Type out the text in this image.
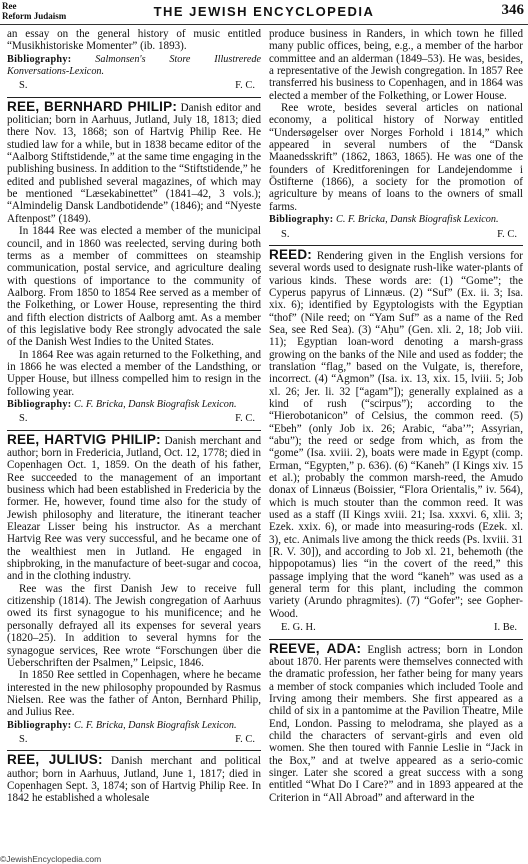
Ree
Reform Judaism	THE JEWISH ENCYCLOPEDIA	346

an essay on the general history of music entitled “Musikhistoriske Momenter” (ib. 1893).

Bibliography: Salmonsen's Store Illustrerede Konversations-Lexicon.

S.	F. C.

REE, BERNHARD PHILIP: Danish editor and politician; born in Aarhuus, Jutland, July 18, 1813; died there Nov. 13, 1868; son of Hartvig Philip Ree. He studied law for a while, but in 1838 became editor of the “Aalborg Stiftstidende,” at the same time engaging in the publishing business. In addition to the “Stiftstidende,” he edited and published several magazines, of which may be mentioned “Læsekabinettet” (1841–42, 3 vols.); “Almindelig Dansk Landbotidende” (1846); and “Nyeste Aftenpost” (1849).

In 1844 Ree was elected a member of the municipal council, and in 1860 was reelected, serving during both terms as a member of committees on steamship communication, postal service, and agriculture dealing with questions of importance to the community of Aalborg. From 1850 to 1854 Ree served as a member of the Folkething, or Lower House, representing the third and fifth election districts of Aalborg amt. As a member of this legislative body Ree strongly advocated the sale of the Danish West Indies to the United States.

In 1864 Ree was again returned to the Folkething, and in 1866 he was elected a member of the Landsthing, or Upper House, but illness compelled him to resign in the following year.

Bibliography: C. F. Bricka, Dansk Biografisk Lexicon.

S.	F. C.

REE, HARTVIG PHILIP: Danish merchant and author; born in Fredericia, Jutland, Oct. 12, 1778; died in Copenhagen Oct. 1, 1859. On the death of his father, Ree succeeded to the management of an important business which had been established in Fredericia by the former. He, however, found time also for the study of Jewish philosophy and literature, the itinerant teacher Eleazar Lisser being his instructor. As a merchant Hartvig Ree was very successful, and he became one of the wealthiest men in Jutland. He engaged in shipbroking, in the manufacture of beet-sugar and cocoa, and in the clothing industry.

Ree was the first Danish Jew to receive full citizenship (1814). The Jewish congregation of Aarhuus owed its first synagogue to his munificence; and he personally defrayed all its expenses for several years (1820–25). In addition to several hymns for the synagogue services, Ree wrote “Forschungen über die Ueberschriften der Psalmen,” Leipsic, 1846.

In 1850 Ree settled in Copenhagen, where he became interested in the new philosophy propounded by Rasmus Nielsen. Ree was the father of Anton, Bernhard Philip, and Julius Ree.

Bibliography: C. F. Bricka, Dansk Biografisk Lexicon.

S.	F. C.

REE, JULIUS: Danish merchant and political author; born in Aarhuus, Jutland, June 1, 1817; died in Copenhagen Sept. 3, 1874; son of Hartvig Philip Ree. In 1842 he established a wholesale

produce business in Randers, in which town he filled many public offices, being, e.g., a member of the harbor committee and an alderman (1849–53). He was, besides, a representative of the Jewish congregation. In 1857 Ree transferred his business to Copenhagen, and in 1864 was elected a member of the Folkething, or Lower House.

Ree wrote, besides several articles on national economy, a political history of Norway entitled “Undersøgelser over Norges Forhold i 1814,” which appeared in several numbers of the “Dansk Maanedsskrift” (1862, 1863, 1865). He was one of the founders of Kreditforeningen for Landejendomme i Östifterne (1866), a society for the promotion of agriculture by means of loans to the owners of small farms.

Bibliography: C. F. Bricka, Dansk Biografisk Lexicon.

S.	F. C.

REED: Rendering given in the English versions for several words used to designate rush-like water-plants of various kinds. These words are: (1) “Gome”; the Cyperus papyrus of Linnæus. (2) “Suf” (Ex. ii. 3; Isa. xix. 6); identified by Egyptologists with the Egyptian “thof” (Nile reed; on “Yam Suf” as a name of the Red Sea, see Red Sea). (3) “Aḥu” (Gen. xli. 2, 18; Job viii. 11); Egyptian loan-word denoting a marsh-grass growing on the banks of the Nile and used as fodder; the translation “flag,” based on the Vulgate, is, therefore, incorrect. (4) “Agmon” (Isa. ix. 13, xix. 15, lviii. 5; Job xl. 26; Jer. li. 32 [“agam”]); generally explained as a kind of rush (“scirpus”); according to the “Hierobotanicon” of Celsius, the common reed. (5) “Ebeh” (only Job ix. 26; Arabic, “aba’”; Assyrian, “abu”); the reed or sedge from which, as from the “gome” (Isa. xviii. 2), boats were made in Egypt (comp. Erman, “Egypten,” p. 636). (6) “Kaneh” (I Kings xiv. 15 et al.); probably the common marsh-reed, the Amudo donax of Linnæus (Boissier, “Flora Orientalis,” iv. 564), which is much stouter than the common reed. It was used as a staff (II Kings xviii. 21; Isa. xxxvi. 6, xlii. 3; Ezek. xxix. 6), or made into measuring-rods (Ezek. xl. 3), etc. Animals live among the thick reeds (Ps. lxviii. 31 [R. V. 30]), and according to Job xl. 21, behemoth (the hippopotamus) lies “in the covert of the reed,” this passage implying that the word “kaneh” was used as a general term for this plant, including the common variety (Arundo phragmites). (7) “Gofer”; see Gopher-Wood.

E. G. H.	I. Be.

REEVE, ADA: English actress; born in London about 1870. Her parents were themselves connected with the dramatic profession, her father being for many years a member of stock companies which included Toole and Irving among their members. She first appeared as a child of six in a pantomime at the Pavilion Theatre, Mile End, London. Passing to melodrama, she played as a child the characters of servant-girls and even old women. She then toured with Fannie Leslie in “Jack in the Box,” and at twelve appeared as a serio-comic singer. Later she scored a great success with a song entitled “What Do I Care?” and in 1893 appeared at the Criterion in “All Abroad” and afterward in the

©JewishEncyclopedia.com
